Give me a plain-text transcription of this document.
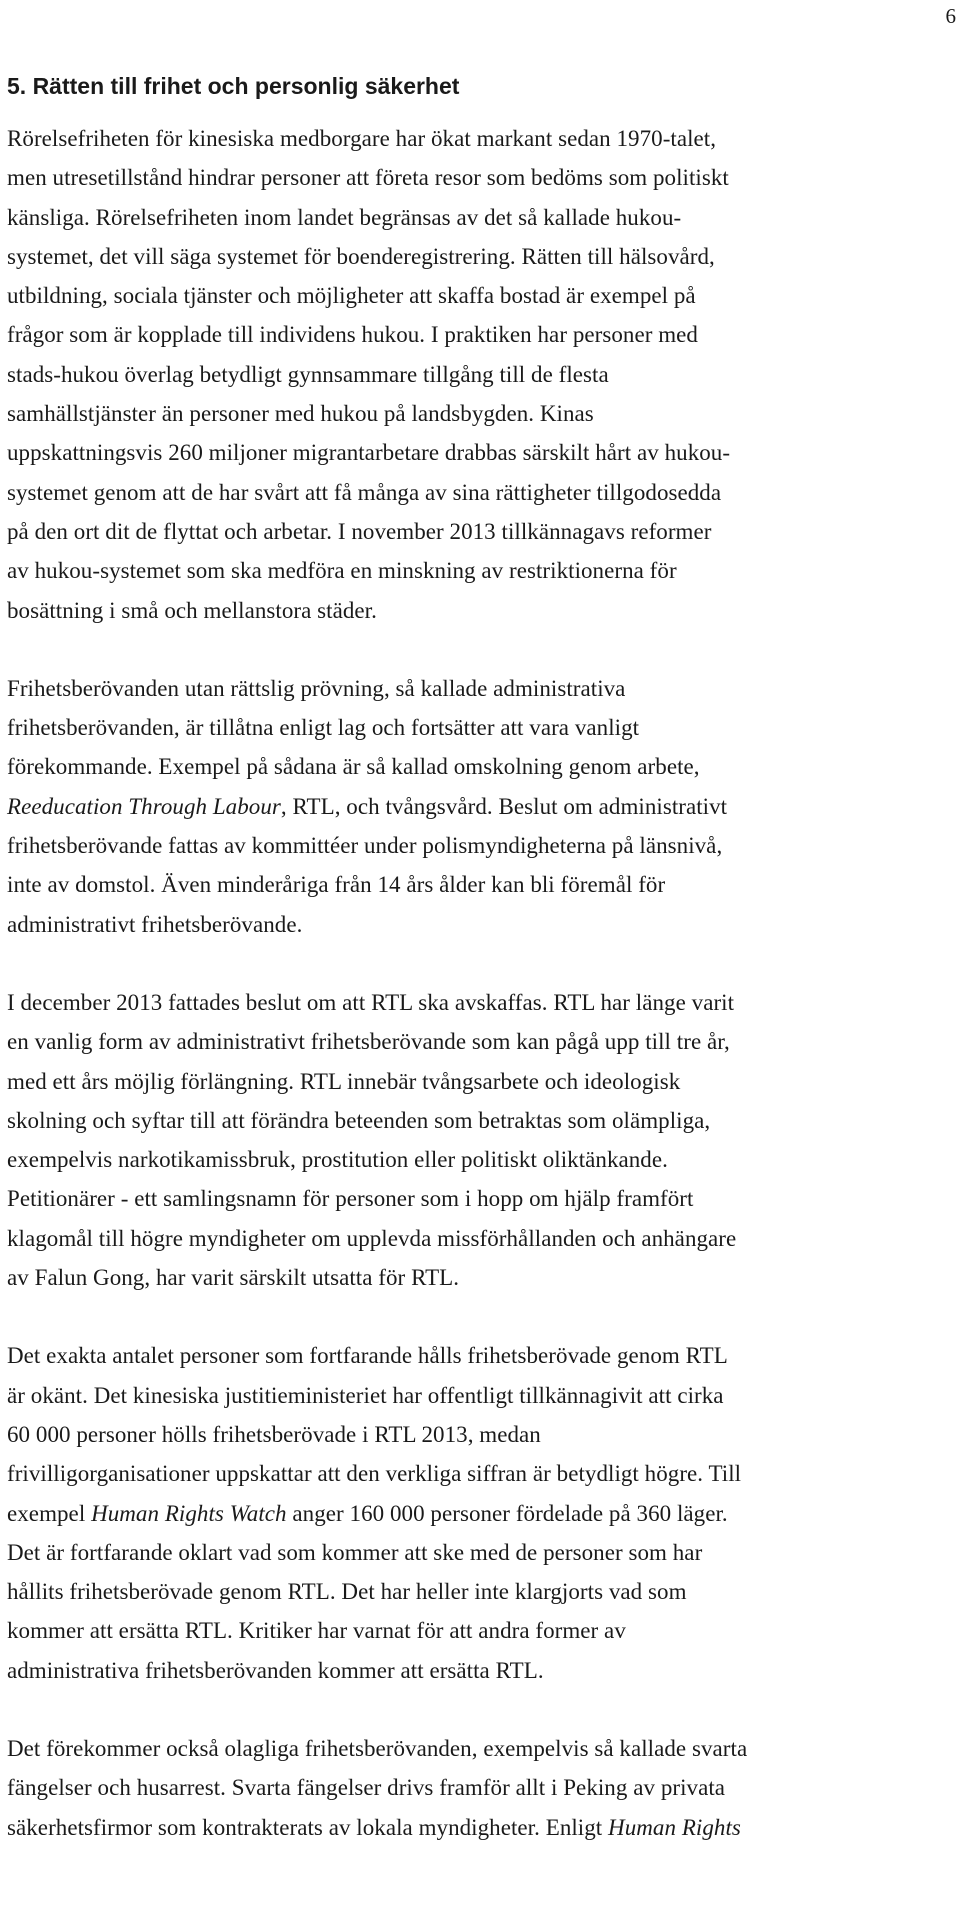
6
5. Rätten till frihet och personlig säkerhet

Rörelsefriheten för kinesiska medborgare har ökat markant sedan 1970-talet,
men utresetillstånd hindrar personer att företa resor som bedöms som politiskt
känsliga. Rörelsefriheten inom landet begränsas av det så kallade hukou-
systemet, det vill säga systemet för boenderegistrering. Rätten till hälsovård,
utbildning, sociala tjänster och möjligheter att skaffa bostad är exempel på
frågor som är kopplade till individens hukou. I praktiken har personer med
stads-hukou överlag betydligt gynnsammare tillgång till de flesta
samhällstjänster än personer med hukou på landsbygden. Kinas
uppskattningsvis 260 miljoner migrantarbetare drabbas särskilt hårt av hukou-
systemet genom att de har svårt att få många av sina rättigheter tillgodosedda
på den ort dit de flyttat och arbetar. I november 2013 tillkännagavs reformer
av hukou-systemet som ska medföra en minskning av restriktionerna för
bosättning i små och mellanstora städer.

Frihetsberövanden utan rättslig prövning, så kallade administrativa
frihetsberövanden, är tillåtna enligt lag och fortsätter att vara vanligt
förekommande. Exempel på sådana är så kallad omskolning genom arbete,
Reeducation Through Labour, RTL, och tvångsvård. Beslut om administrativt
frihetsberövande fattas av kommittéer under polismyndigheterna på länsnivå,
inte av domstol. Även minderåriga från 14 års ålder kan bli föremål för
administrativt frihetsberövande.

I december 2013 fattades beslut om att RTL ska avskaffas. RTL har länge varit
en vanlig form av administrativt frihetsberövande som kan pågå upp till tre år,
med ett års möjlig förlängning. RTL innebär tvångsarbete och ideologisk
skolning och syftar till att förändra beteenden som betraktas som olämpliga,
exempelvis narkotikamissbruk, prostitution eller politiskt oliktänkande.
Petitionärer - ett samlingsnamn för personer som i hopp om hjälp framfört
klagomål till högre myndigheter om upplevda missförhållanden och anhängare
av Falun Gong, har varit särskilt utsatta för RTL.

Det exakta antalet personer som fortfarande hålls frihetsberövade genom RTL
är okänt. Det kinesiska justitieministeriet har offentligt tillkännagivit att cirka
60 000 personer hölls frihetsberövade i RTL 2013, medan
frivilligorganisationer uppskattar att den verkliga siffran är betydligt högre. Till
exempel Human Rights Watch anger 160 000 personer fördelade på 360 läger.
Det är fortfarande oklart vad som kommer att ske med de personer som har
hållits frihetsberövade genom RTL. Det har heller inte klargjorts vad som
kommer att ersätta RTL. Kritiker har varnat för att andra former av
administrativa frihetsberövanden kommer att ersätta RTL.

Det förekommer också olagliga frihetsberövanden, exempelvis så kallade svarta
fängelser och husarrest. Svarta fängelser drivs framför allt i Peking av privata
säkerhetsfirmor som kontrakterats av lokala myndigheter. Enligt Human Rights
